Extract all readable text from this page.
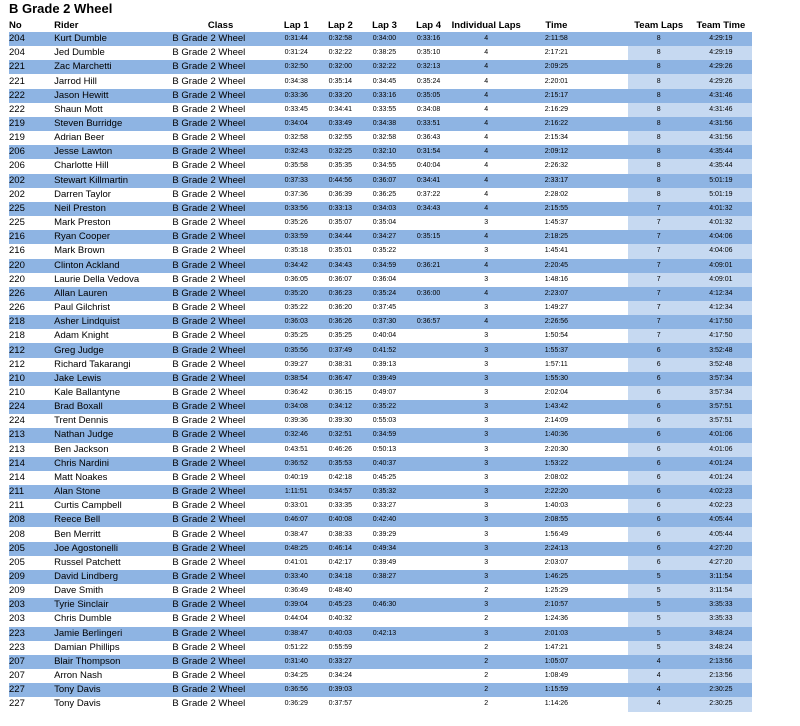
B Grade 2 Wheel
No	Rider	Class	Lap 1	Lap 2	Lap 3	Lap 4	Individual Laps	Time		Team Laps	Team Time
204	Kurt Dumble	B Grade 2 Wheel	0:31:44	0:32:58	0:34:00	0:33:16	4	2:11:58		8	4:29:19
204	Jed Dumble	B Grade 2 Wheel	0:31:24	0:32:22	0:38:25	0:35:10	4	2:17:21		8	4:29:19
221	Zac Marchetti	B Grade 2 Wheel	0:32:50	0:32:00	0:32:22	0:32:13	4	2:09:25		8	4:29:26
221	Jarrod Hill	B Grade 2 Wheel	0:34:38	0:35:14	0:34:45	0:35:24	4	2:20:01		8	4:29:26
222	Jason Hewitt	B Grade 2 Wheel	0:33:36	0:33:20	0:33:16	0:35:05	4	2:15:17		8	4:31:46
222	Shaun Mott	B Grade 2 Wheel	0:33:45	0:34:41	0:33:55	0:34:08	4	2:16:29		8	4:31:46
219	Steven Burridge	B Grade 2 Wheel	0:34:04	0:33:49	0:34:38	0:33:51	4	2:16:22		8	4:31:56
219	Adrian Beer	B Grade 2 Wheel	0:32:58	0:32:55	0:32:58	0:36:43	4	2:15:34		8	4:31:56
206	Jesse Lawton	B Grade 2 Wheel	0:32:43	0:32:25	0:32:10	0:31:54	4	2:09:12		8	4:35:44
206	Charlotte Hill	B Grade 2 Wheel	0:35:58	0:35:35	0:34:55	0:40:04	4	2:26:32		8	4:35:44
202	Stewart Killmartin	B Grade 2 Wheel	0:37:33	0:44:56	0:36:07	0:34:41	4	2:33:17		8	5:01:19
202	Darren Taylor	B Grade 2 Wheel	0:37:36	0:36:39	0:36:25	0:37:22	4	2:28:02		8	5:01:19
225	Neil Preston	B Grade 2 Wheel	0:33:56	0:33:13	0:34:03	0:34:43	4	2:15:55		7	4:01:32
225	Mark Preston	B Grade 2 Wheel	0:35:26	0:35:07	0:35:04		3	1:45:37		7	4:01:32
216	Ryan Cooper	B Grade 2 Wheel	0:33:59	0:34:44	0:34:27	0:35:15	4	2:18:25		7	4:04:06
216	Mark Brown	B Grade 2 Wheel	0:35:18	0:35:01	0:35:22		3	1:45:41		7	4:04:06
220	Clinton Ackland	B Grade 2 Wheel	0:34:42	0:34:43	0:34:59	0:36:21	4	2:20:45		7	4:09:01
220	Laurie Della Vedova	B Grade 2 Wheel	0:36:05	0:36:07	0:36:04		3	1:48:16		7	4:09:01
226	Allan Lauren	B Grade 2 Wheel	0:35:20	0:36:23	0:35:24	0:36:00	4	2:23:07		7	4:12:34
226	Paul Gilchrist	B Grade 2 Wheel	0:35:22	0:36:20	0:37:45		3	1:49:27		7	4:12:34
218	Asher Lindquist	B Grade 2 Wheel	0:36:03	0:36:26	0:37:30	0:36:57	4	2:26:56		7	4:17:50
218	Adam Knight	B Grade 2 Wheel	0:35:25	0:35:25	0:40:04		3	1:50:54		7	4:17:50
212	Greg Judge	B Grade 2 Wheel	0:35:56	0:37:49	0:41:52		3	1:55:37		6	3:52:48
212	Richard Takarangi	B Grade 2 Wheel	0:39:27	0:38:31	0:39:13		3	1:57:11		6	3:52:48
210	Jake Lewis	B Grade 2 Wheel	0:38:54	0:36:47	0:39:49		3	1:55:30		6	3:57:34
210	Kale Ballantyne	B Grade 2 Wheel	0:36:42	0:36:15	0:49:07		3	2:02:04		6	3:57:34
224	Brad Boxall	B Grade 2 Wheel	0:34:08	0:34:12	0:35:22		3	1:43:42		6	3:57:51
224	Trent Dennis	B Grade 2 Wheel	0:39:36	0:39:30	0:55:03		3	2:14:09		6	3:57:51
213	Nathan Judge	B Grade 2 Wheel	0:32:46	0:32:51	0:34:59		3	1:40:36		6	4:01:06
213	Ben Jackson	B Grade 2 Wheel	0:43:51	0:46:26	0:50:13		3	2:20:30		6	4:01:06
214	Chris Nardini	B Grade 2 Wheel	0:36:52	0:35:53	0:40:37		3	1:53:22		6	4:01:24
214	Matt Noakes	B Grade 2 Wheel	0:40:19	0:42:18	0:45:25		3	2:08:02		6	4:01:24
211	Alan Stone	B Grade 2 Wheel	1:11:51	0:34:57	0:35:32		3	2:22:20		6	4:02:23
211	Curtis Campbell	B Grade 2 Wheel	0:33:01	0:33:35	0:33:27		3	1:40:03		6	4:02:23
208	Reece Bell	B Grade 2 Wheel	0:46:07	0:40:08	0:42:40		3	2:08:55		6	4:05:44
208	Ben Merritt	B Grade 2 Wheel	0:38:47	0:38:33	0:39:29		3	1:56:49		6	4:05:44
205	Joe Agostonelli	B Grade 2 Wheel	0:48:25	0:46:14	0:49:34		3	2:24:13		6	4:27:20
205	Russel Patchett	B Grade 2 Wheel	0:41:01	0:42:17	0:39:49		3	2:03:07		6	4:27:20
209	David Lindberg	B Grade 2 Wheel	0:33:40	0:34:18	0:38:27		3	1:46:25		5	3:11:54
209	Dave Smith	B Grade 2 Wheel	0:36:49	0:48:40			2	1:25:29		5	3:11:54
203	Tyrie Sinclair	B Grade 2 Wheel	0:39:04	0:45:23	0:46:30		3	2:10:57		5	3:35:33
203	Chris Dumble	B Grade 2 Wheel	0:44:04	0:40:32			2	1:24:36		5	3:35:33
223	Jamie Berlingeri	B Grade 2 Wheel	0:38:47	0:40:03	0:42:13		3	2:01:03		5	3:48:24
223	Damian Phillips	B Grade 2 Wheel	0:51:22	0:55:59			2	1:47:21		5	3:48:24
207	Blair Thompson	B Grade 2 Wheel	0:31:40	0:33:27			2	1:05:07		4	2:13:56
207	Arron Nash	B Grade 2 Wheel	0:34:25	0:34:24			2	1:08:49		4	2:13:56
227	Tony Davis	B Grade 2 Wheel	0:36:56	0:39:03			2	1:15:59		4	2:30:25
227	Tony Davis	B Grade 2 Wheel	0:36:29	0:37:57			2	1:14:26		4	2:30:25
